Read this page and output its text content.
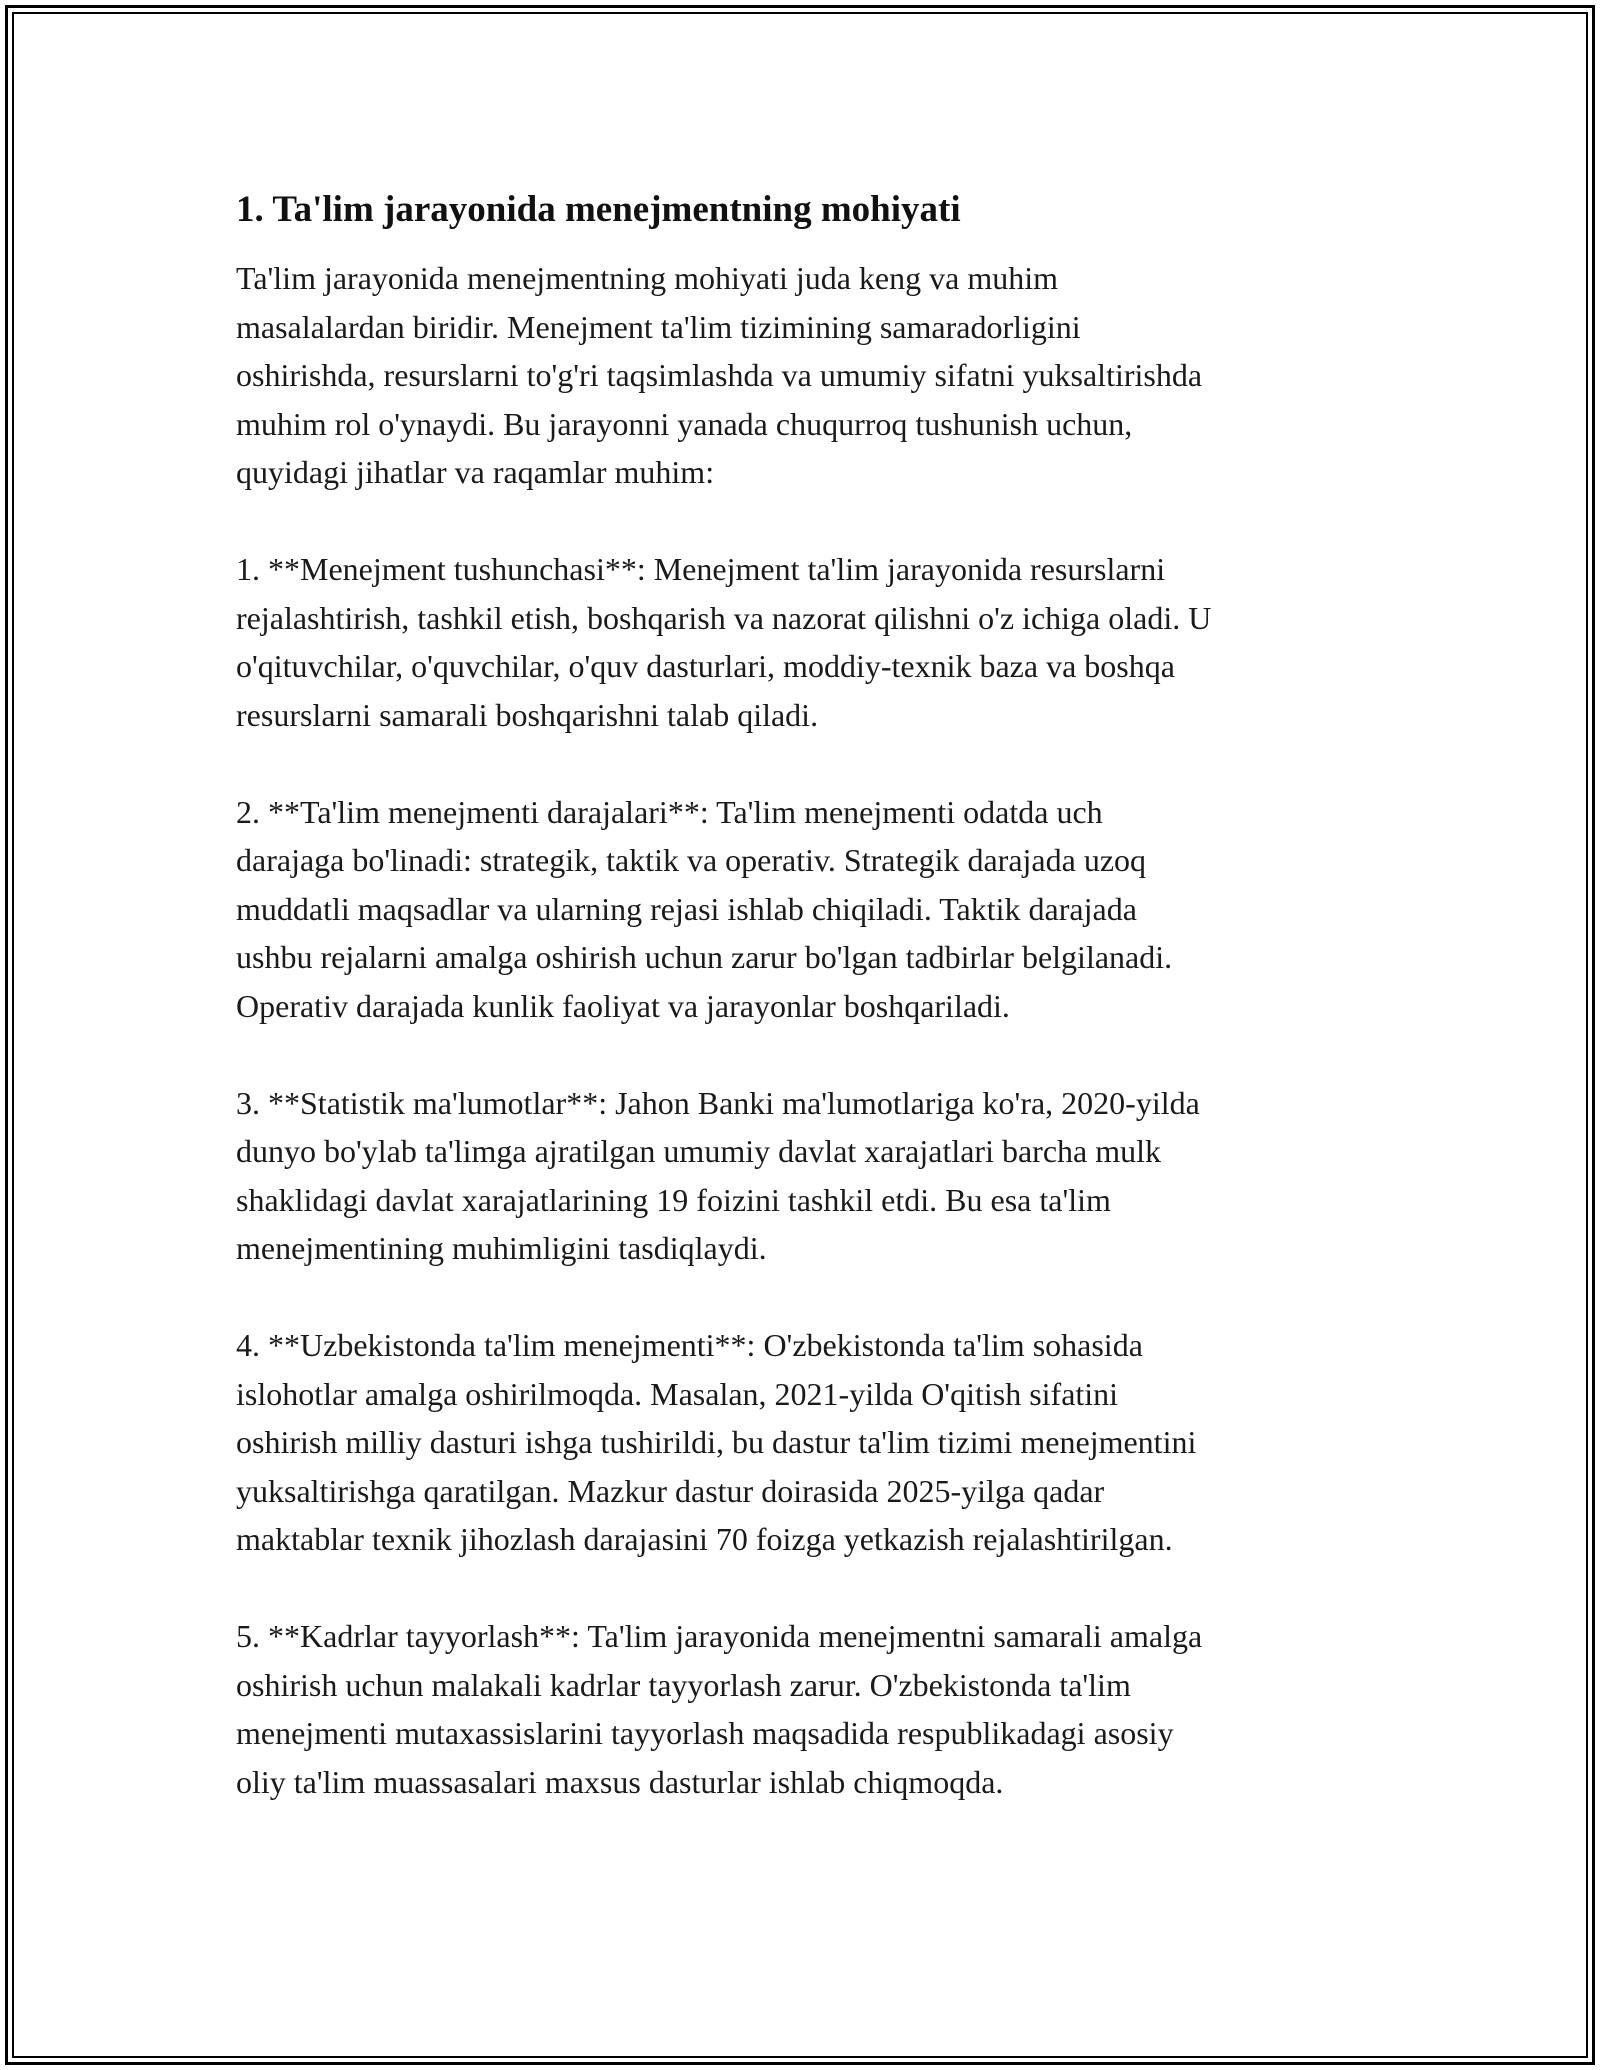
1. Ta'lim jarayonida menejmentning mohiyati
Ta'lim jarayonida menejmentning mohiyati juda keng va muhim
masalalardan biridir. Menejment ta'lim tizimining samaradorligini
oshirishda, resurslarni to'g'ri taqsimlashda va umumiy sifatni yuksaltirishda
muhim rol o'ynaydi. Bu jarayonni yanada chuqurroq tushunish uchun,
quyidagi jihatlar va raqamlar muhim:
1. **Menejment tushunchasi**: Menejment ta'lim jarayonida resurslarni
rejalashtirish, tashkil etish, boshqarish va nazorat qilishni o'z ichiga oladi. U
o'qituvchilar, o'quvchilar, o'quv dasturlari, moddiy-texnik baza va boshqa
resurslarni samarali boshqarishni talab qiladi.
2. **Ta'lim menejmenti darajalari**: Ta'lim menejmenti odatda uch
darajaga bo'linadi: strategik, taktik va operativ. Strategik darajada uzoq
muddatli maqsadlar va ularning rejasi ishlab chiqiladi. Taktik darajada
ushbu rejalarni amalga oshirish uchun zarur bo'lgan tadbirlar belgilanadi.
Operativ darajada kunlik faoliyat va jarayonlar boshqariladi.
3. **Statistik ma'lumotlar**: Jahon Banki ma'lumotlariga ko'ra, 2020-yilda
dunyo bo'ylab ta'limga ajratilgan umumiy davlat xarajatlari barcha mulk
shaklidagi davlat xarajatlarining 19 foizini tashkil etdi. Bu esa ta'lim
menejmentining muhimligini tasdiqlaydi.
4. **Uzbekistonda ta'lim menejmenti**: O'zbekistonda ta'lim sohasida
islohotlar amalga oshirilmoqda. Masalan, 2021-yilda O'qitish sifatini
oshirish milliy dasturi ishga tushirildi, bu dastur ta'lim tizimi menejmentini
yuksaltirishga qaratilgan. Mazkur dastur doirasida 2025-yilga qadar
maktablar texnik jihozlash darajasini 70 foizga yetkazish rejalashtirilgan.
5. **Kadrlar tayyorlash**: Ta'lim jarayonida menejmentni samarali amalga
oshirish uchun malakali kadrlar tayyorlash zarur. O'zbekistonda ta'lim
menejmenti mutaxassislarini tayyorlash maqsadida respublikadagi asosiy
oliy ta'lim muassasalari maxsus dasturlar ishlab chiqmoqda.
